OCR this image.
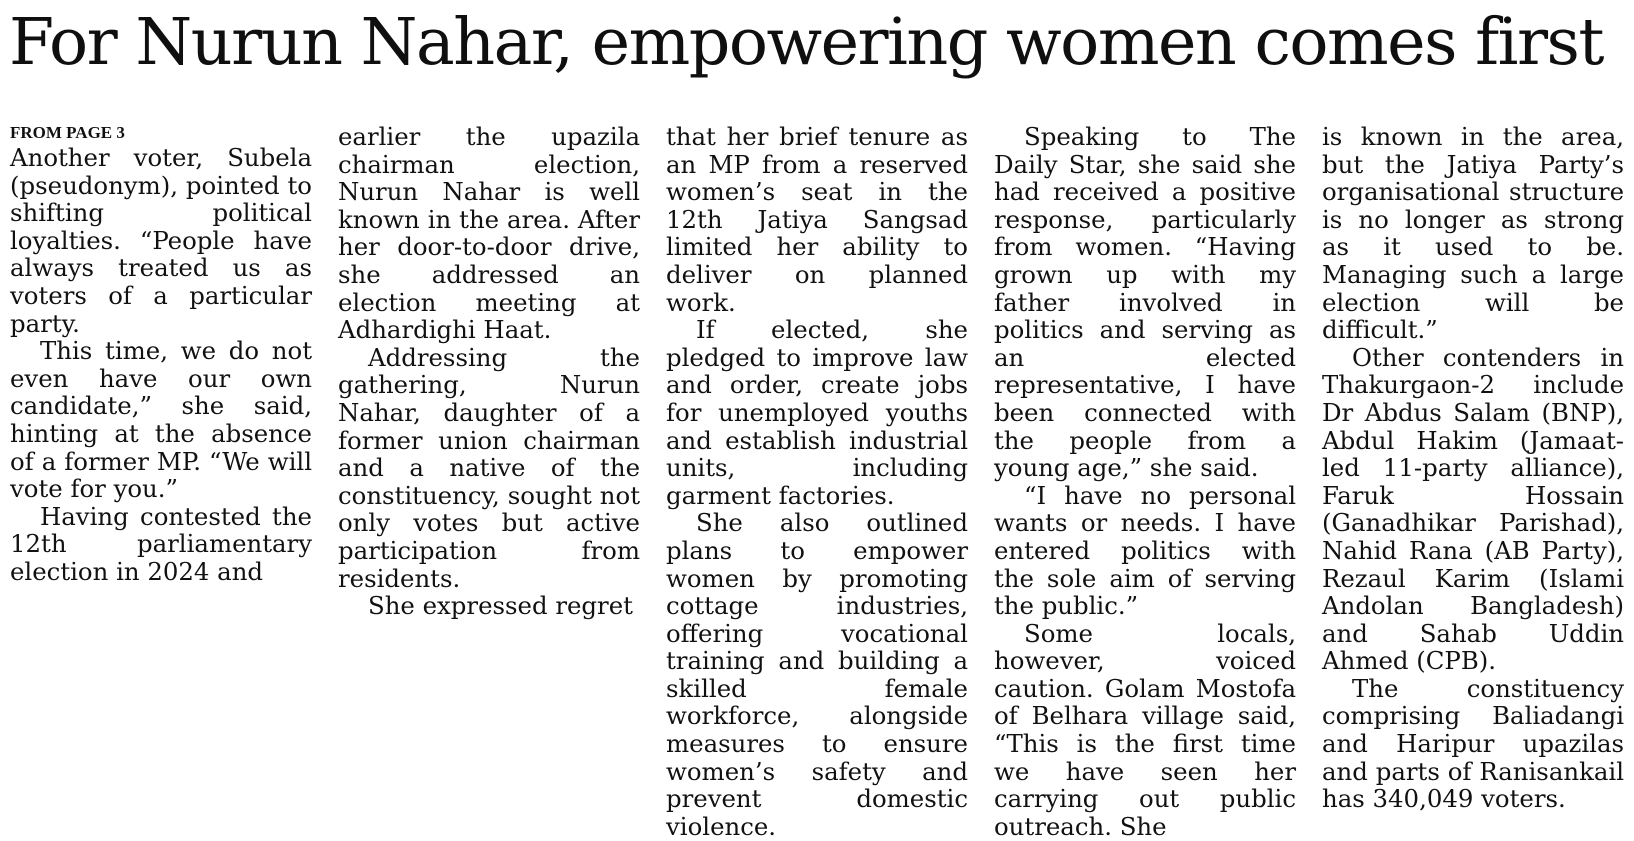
For Nurun Nahar, empowering women comes first
FROM PAGE 3

Another voter, Subela (pseudonym), pointed to shifting political loyalties. “People have always treated us as voters of a particular party.

This time, we do not even have our own candidate,” she said, hinting at the absence of a former MP. “We will vote for you.”

Having contested the 12th parliamentary election in 2024 and

earlier the upazila chairman election, Nurun Nahar is well known in the area. After her door-to-door drive, she addressed an election meeting at Adhardighi Haat.

Addressing the gathering, Nurun Nahar, daughter of a former union chairman and a native of the constituency, sought not only votes but active participation from residents.

She expressed regret

that her brief tenure as an MP from a reserved women’s seat in the 12th Jatiya Sangsad limited her ability to deliver on planned work.

If elected, she pledged to improve law and order, create jobs for unemployed youths and establish industrial units, including garment factories.

She also outlined plans to empower women by promoting cottage industries, offering vocational training and building a skilled female workforce, alongside measures to ensure women’s safety and prevent domestic violence.

Speaking to The Daily Star, she said she had received a positive response, particularly from women. “Having grown up with my father involved in politics and serving as an elected representative, I have been connected with the people from a young age,” she said.

“I have no personal wants or needs. I have entered politics with the sole aim of serving the public.”

Some locals, however, voiced caution. Golam Mostofa of Belhara village said, “This is the first time we have seen her carrying out public outreach. She

is known in the area, but the Jatiya Party’s organisational structure is no longer as strong as it used to be. Managing such a large election will be difficult.”

Other contenders in Thakurgaon-2 include Dr Abdus Salam (BNP), Abdul Hakim (Jamaat-led 11-party alliance), Faruk Hossain (Ganadhikar Parishad), Nahid Rana (AB Party), Rezaul Karim (Islami Andolan Bangladesh) and Sahab Uddin Ahmed (CPB).

The constituency comprising Baliadangi and Haripur upazilas and parts of Ranisankail has 340,049 voters.
